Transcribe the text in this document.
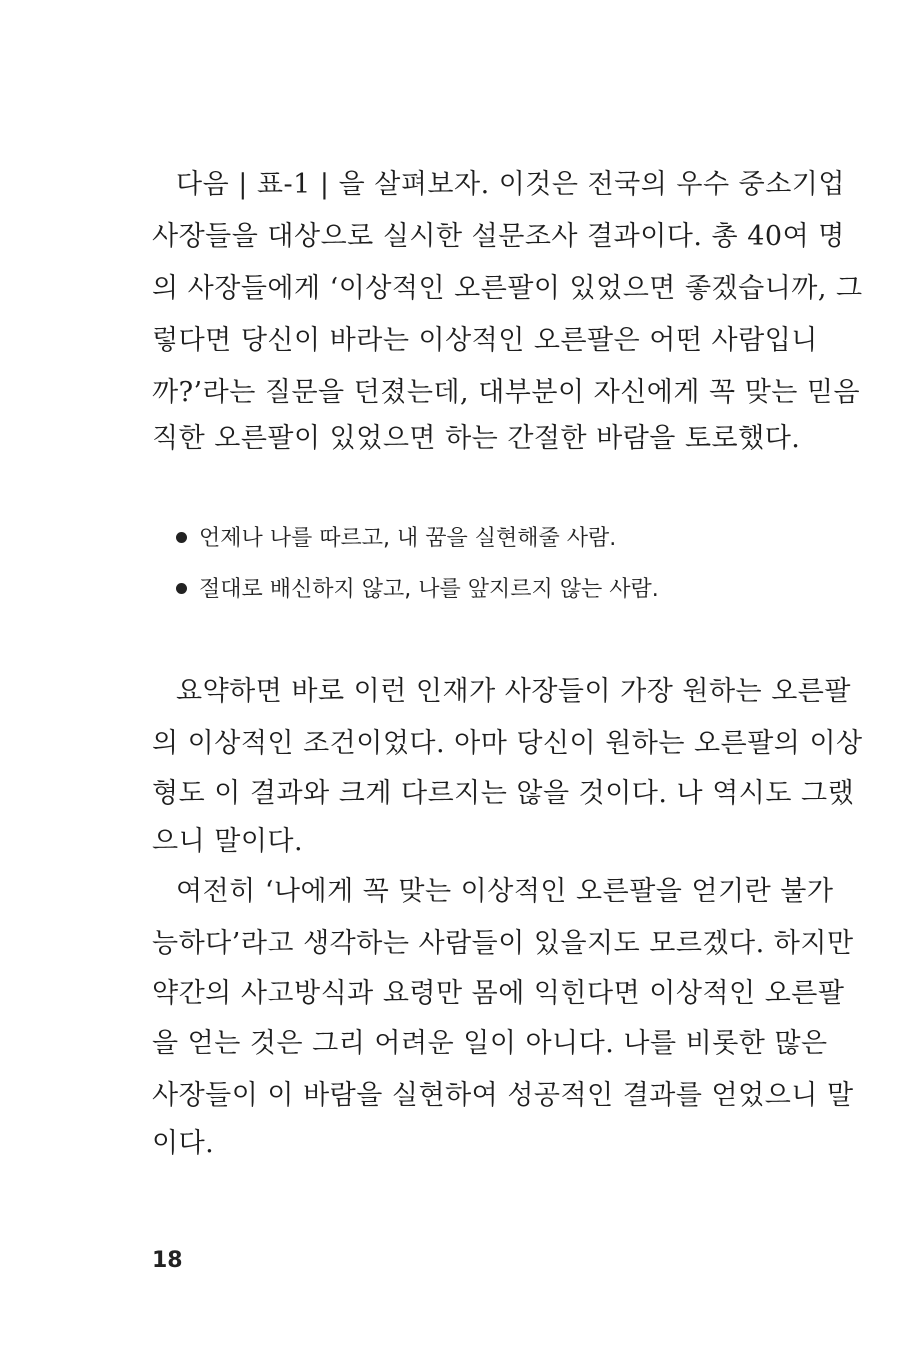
다음 | 표-1 | 을 살펴보자. 이것은 전국의 우수 중소기업
사장들을 대상으로 실시한 설문조사 결과이다. 총 40여 명
의 사장들에게 ‘이상적인 오른팔이 있었으면 좋겠습니까, 그
렇다면 당신이 바라는 이상적인 오른팔은 어떤 사람입니
까?’라는 질문을 던졌는데, 대부분이 자신에게 꼭 맞는 믿음
직한 오른팔이 있었으면 하는 간절한 바람을 토로했다.
언제나 나를 따르고, 내 꿈을 실현해줄 사람.
절대로 배신하지 않고, 나를 앞지르지 않는 사람.
요약하면 바로 이런 인재가 사장들이 가장 원하는 오른팔
의 이상적인 조건이었다. 아마 당신이 원하는 오른팔의 이상
형도 이 결과와 크게 다르지는 않을 것이다. 나 역시도 그랬
으니 말이다.
여전히 ‘나에게 꼭 맞는 이상적인 오른팔을 얻기란 불가
능하다’라고 생각하는 사람들이 있을지도 모르겠다. 하지만
약간의 사고방식과 요령만 몸에 익힌다면 이상적인 오른팔
을 얻는 것은 그리 어려운 일이 아니다. 나를 비롯한 많은
사장들이 이 바람을 실현하여 성공적인 결과를 얻었으니 말
이다.
18
